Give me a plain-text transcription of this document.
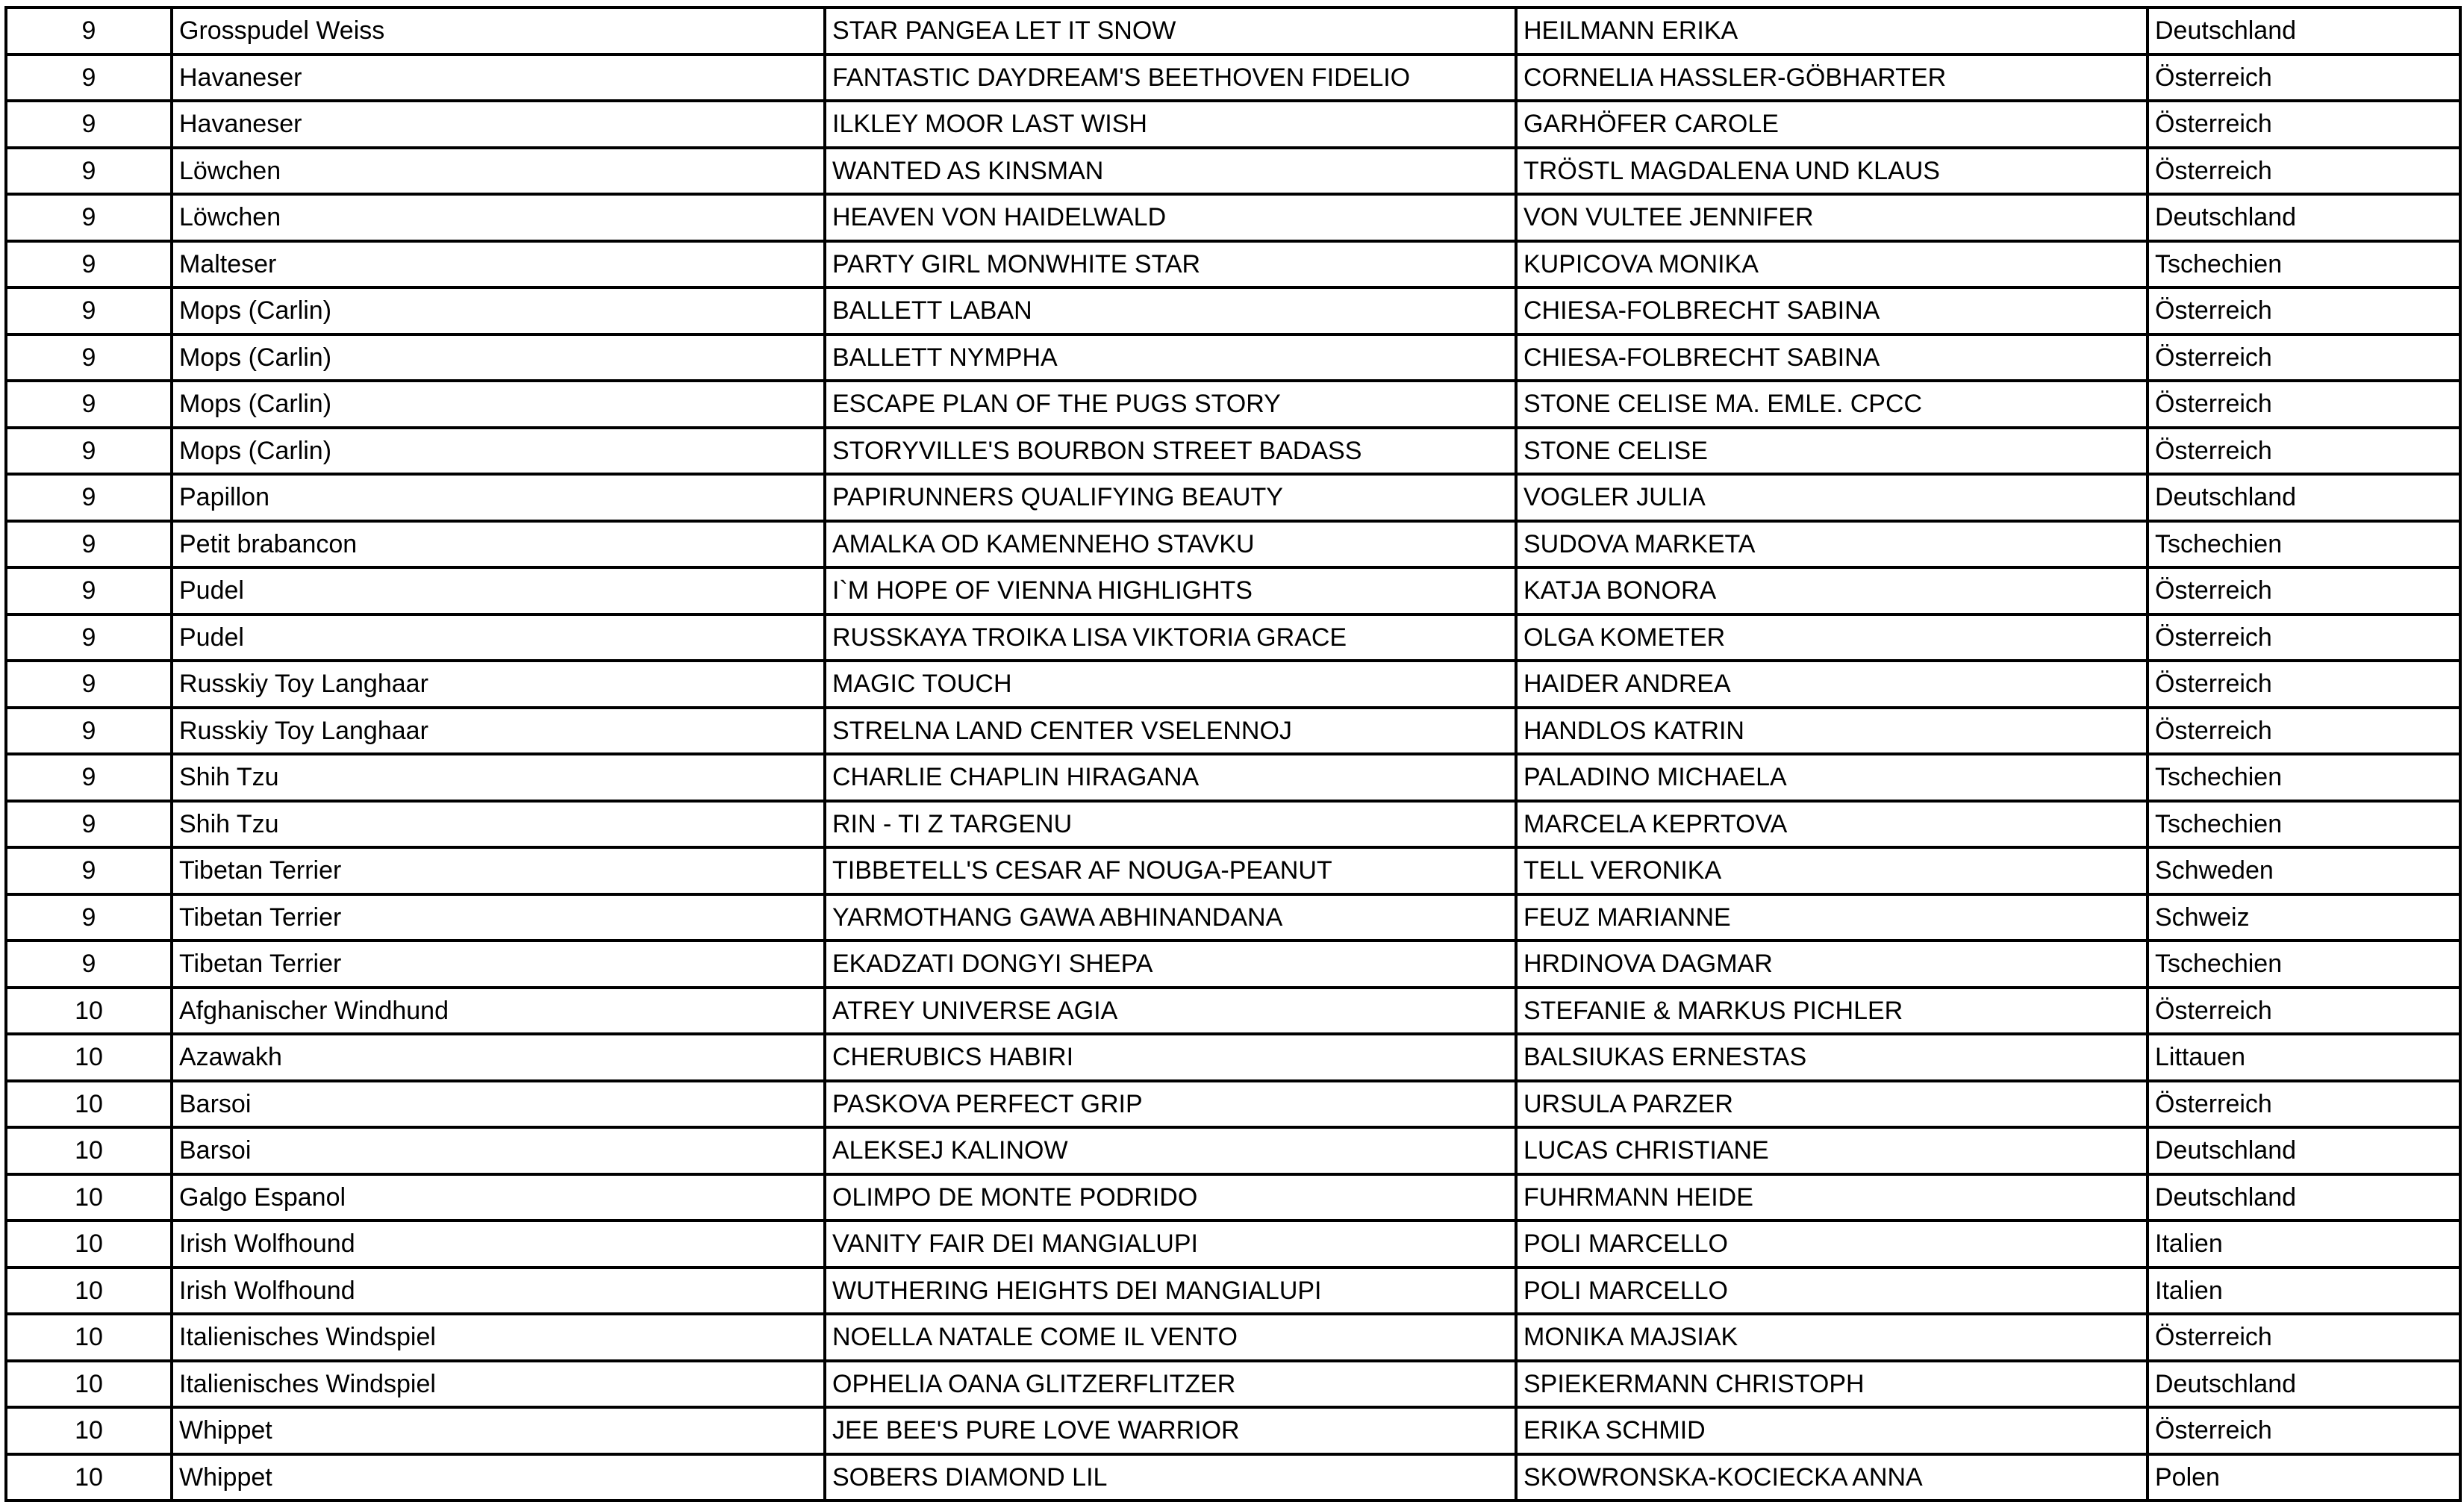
9	Grosspudel Weiss	STAR PANGEA LET IT SNOW	HEILMANN ERIKA	Deutschland
9	Havaneser	FANTASTIC DAYDREAM'S BEETHOVEN FIDELIO	CORNELIA HASSLER-GÖBHARTER	Österreich
9	Havaneser	ILKLEY MOOR LAST WISH	GARHÖFER CAROLE	Österreich
9	Löwchen	WANTED AS KINSMAN	TRÖSTL MAGDALENA UND KLAUS	Österreich
9	Löwchen	HEAVEN VON HAIDELWALD	VON VULTEE JENNIFER	Deutschland
9	Malteser	PARTY GIRL MONWHITE STAR	KUPICOVA MONIKA	Tschechien
9	Mops (Carlin)	BALLETT LABAN	CHIESA-FOLBRECHT SABINA	Österreich
9	Mops (Carlin)	BALLETT NYMPHA	CHIESA-FOLBRECHT SABINA	Österreich
9	Mops (Carlin)	ESCAPE PLAN OF THE PUGS STORY	STONE CELISE MA. EMLE. CPCC	Österreich
9	Mops (Carlin)	STORYVILLE'S BOURBON STREET BADASS	STONE CELISE	Österreich
9	Papillon	PAPIRUNNERS QUALIFYING BEAUTY	VOGLER JULIA	Deutschland
9	Petit brabancon	AMALKA OD KAMENNEHO STAVKU	SUDOVA MARKETA	Tschechien
9	Pudel	I`M HOPE OF VIENNA HIGHLIGHTS	KATJA BONORA	Österreich
9	Pudel	RUSSKAYA TROIKA LISA VIKTORIA GRACE	OLGA KOMETER	Österreich
9	Russkiy Toy Langhaar	MAGIC TOUCH	HAIDER ANDREA	Österreich
9	Russkiy Toy Langhaar	STRELNA LAND CENTER VSELENNOJ	HANDLOS KATRIN	Österreich
9	Shih Tzu	CHARLIE CHAPLIN HIRAGANA	PALADINO MICHAELA	Tschechien
9	Shih Tzu	RIN - TI Z TARGENU	MARCELA KEPRTOVA	Tschechien
9	Tibetan Terrier	TIBBETELL'S CESAR AF NOUGA-PEANUT	TELL VERONIKA	Schweden
9	Tibetan Terrier	YARMOTHANG GAWA ABHINANDANA	FEUZ MARIANNE	Schweiz
9	Tibetan Terrier	EKADZATI DONGYI SHEPA	HRDINOVA DAGMAR	Tschechien
10	Afghanischer Windhund	ATREY UNIVERSE AGIA	STEFANIE & MARKUS PICHLER	Österreich
10	Azawakh	CHERUBICS HABIRI	BALSIUKAS ERNESTAS	Littauen
10	Barsoi	PASKOVA PERFECT GRIP	URSULA PARZER	Österreich
10	Barsoi	ALEKSEJ KALINOW	LUCAS CHRISTIANE	Deutschland
10	Galgo Espanol	OLIMPO DE MONTE PODRIDO	FUHRMANN HEIDE	Deutschland
10	Irish Wolfhound	VANITY FAIR DEI MANGIALUPI	POLI MARCELLO	Italien
10	Irish Wolfhound	WUTHERING HEIGHTS DEI MANGIALUPI	POLI MARCELLO	Italien
10	Italienisches Windspiel	NOELLA NATALE COME IL VENTO	MONIKA MAJSIAK	Österreich
10	Italienisches Windspiel	OPHELIA OANA GLITZERFLITZER	SPIEKERMANN CHRISTOPH	Deutschland
10	Whippet	JEE BEE'S PURE LOVE WARRIOR	ERIKA SCHMID	Österreich
10	Whippet	SOBERS DIAMOND LIL	SKOWRONSKA-KOCIECKA ANNA	Polen
